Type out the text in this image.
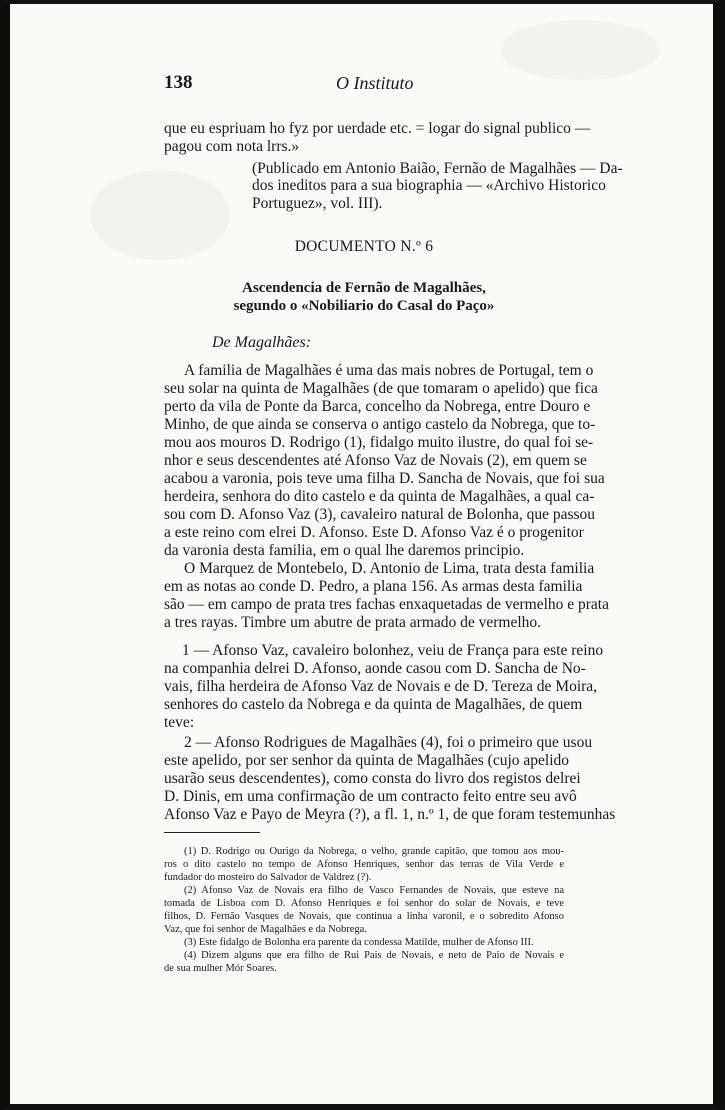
138	O Instituto
que eu espriuam ho fyz por uerdade etc. = logar do signal publico —
pagou com nota lrrs.»
(Publicado em Antonio Baião, Fernão de Magalhães — Da-
dos ineditos para a sua biographia — «Archivo Historico
Portuguez», vol. III).
DOCUMENTO N.º 6
Ascendencia de Fernão de Magalhães,
segundo o «Nobiliario do Casal do Paço»
De Magalhães:
A familia de Magalhães é uma das mais nobres de Portugal, tem o
seu solar na quinta de Magalhães (de que tomaram o apelido) que fica
perto da vila de Ponte da Barca, concelho da Nobrega, entre Douro e
Minho, de que ainda se conserva o antigo castelo da Nobrega, que to-
mou aos mouros D. Rodrigo (1), fidalgo muito ilustre, do qual foi se-
nhor e seus descendentes até Afonso Vaz de Novais (2), em quem se
acabou a varonia, pois teve uma filha D. Sancha de Novais, que foi sua
herdeira, senhora do dito castelo e da quinta de Magalhães, a qual ca-
sou com D. Afonso Vaz (3), cavaleiro natural de Bolonha, que passou
a este reino com elrei D. Afonso. Este D. Afonso Vaz é o progenitor
da varonia desta familia, em o qual lhe daremos principio.
O Marquez de Montebelo, D. Antonio de Lima, trata desta familia
em as notas ao conde D. Pedro, a plana 156. As armas desta familia
são — em campo de prata tres fachas enxaquetadas de vermelho e prata
a tres rayas. Timbre um abutre de prata armado de vermelho.
1 — Afonso Vaz, cavaleiro bolonhez, veiu de França para este reino
na companhia delrei D. Afonso, aonde casou com D. Sancha de No-
vais, filha herdeira de Afonso Vaz de Novais e de D. Tereza de Moira,
senhores do castelo da Nobrega e da quinta de Magalhães, de quem
teve:
2 — Afonso Rodrigues de Magalhães (4), foi o primeiro que usou
este apelido, por ser senhor da quinta de Magalhães (cujo apelido
usarão seus descendentes), como consta do livro dos registos delrei
D. Dinis, em uma confirmação de um contracto feito entre seu avô
Afonso Vaz e Payo de Meyra (?), a fl. 1, n.º 1, de que foram testemunhas
(1) D. Rodrigo ou Ourigo da Nobrega, o velho, grande capitão, que tomou aos mou-
ros o dito castelo no tempo de Afonso Henriques, senhor das terras de Vila Verde e
fundador do mosteiro do Salvador de Valdrez (?).
(2) Afonso Vaz de Novais era filho de Vasco Fernandes de Novais, que esteve na
tomada de Lisboa com D. Afonso Henriques e foi senhor do solar de Novais, e teve
filhos, D. Fernão Vasques de Novais, que continua a linha varonil, e o sobredito Afonso
Vaz, que foi senhor de Magalhães e da Nobrega.
(3) Este fidalgo de Bolonha era parente da condessa Matilde, mulher de Afonso III.
(4) Dizem alguns que era filho de Rui Pais de Novais, e neto de Paio de Novais e
de sua mulher Mór Soares.
